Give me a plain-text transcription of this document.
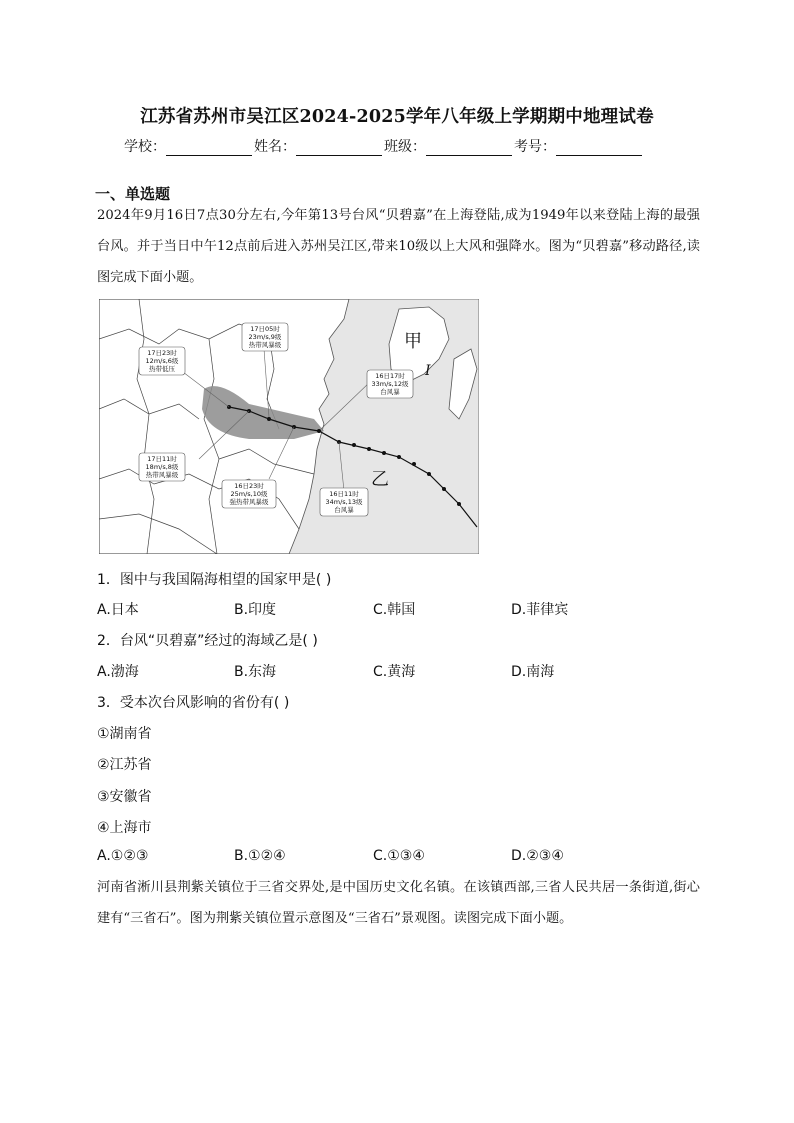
江苏省苏州市吴江区2024-2025学年八年级上学期期中地理试卷
学校：	姓名：	班级：	考号：
一、单选题
2024年9月16日7点30分左右,今年第13号台风“贝碧嘉”在上海登陆,成为1949年以来登陆上海的最强台风。并于当日中午12点前后进入苏州吴江区,带来10级以上大风和强降水。图为“贝碧嘉”移动路径,读图完成下面小题。
甲
I
乙
17日05时
23m/s,9级
热带风暴级
17日23时
12m/s,6级
热带低压
16日17时
33m/s,12级
台风暴
17日11时
18m/s,8级
热带风暴级
16日23时
25m/s,10级
强热带风暴级
16日11时
34m/s,13级
台风暴
1．图中与我国隔海相望的国家甲是( )
A.日本	B.印度	C.韩国	D.菲律宾
2．台风“贝碧嘉”经过的海域乙是( )
A.渤海	B.东海	C.黄海	D.南海
3．受本次台风影响的省份有( )
①湖南省
②江苏省
③安徽省
④上海市
A.①②③	B.①②④	C.①③④	D.②③④
河南省淅川县荆紫关镇位于三省交界处,是中国历史文化名镇。在该镇西部,三省人民共居一条街道,街心建有“三省石”。图为荆紫关镇位置示意图及“三省石”景观图。读图完成下面小题。
